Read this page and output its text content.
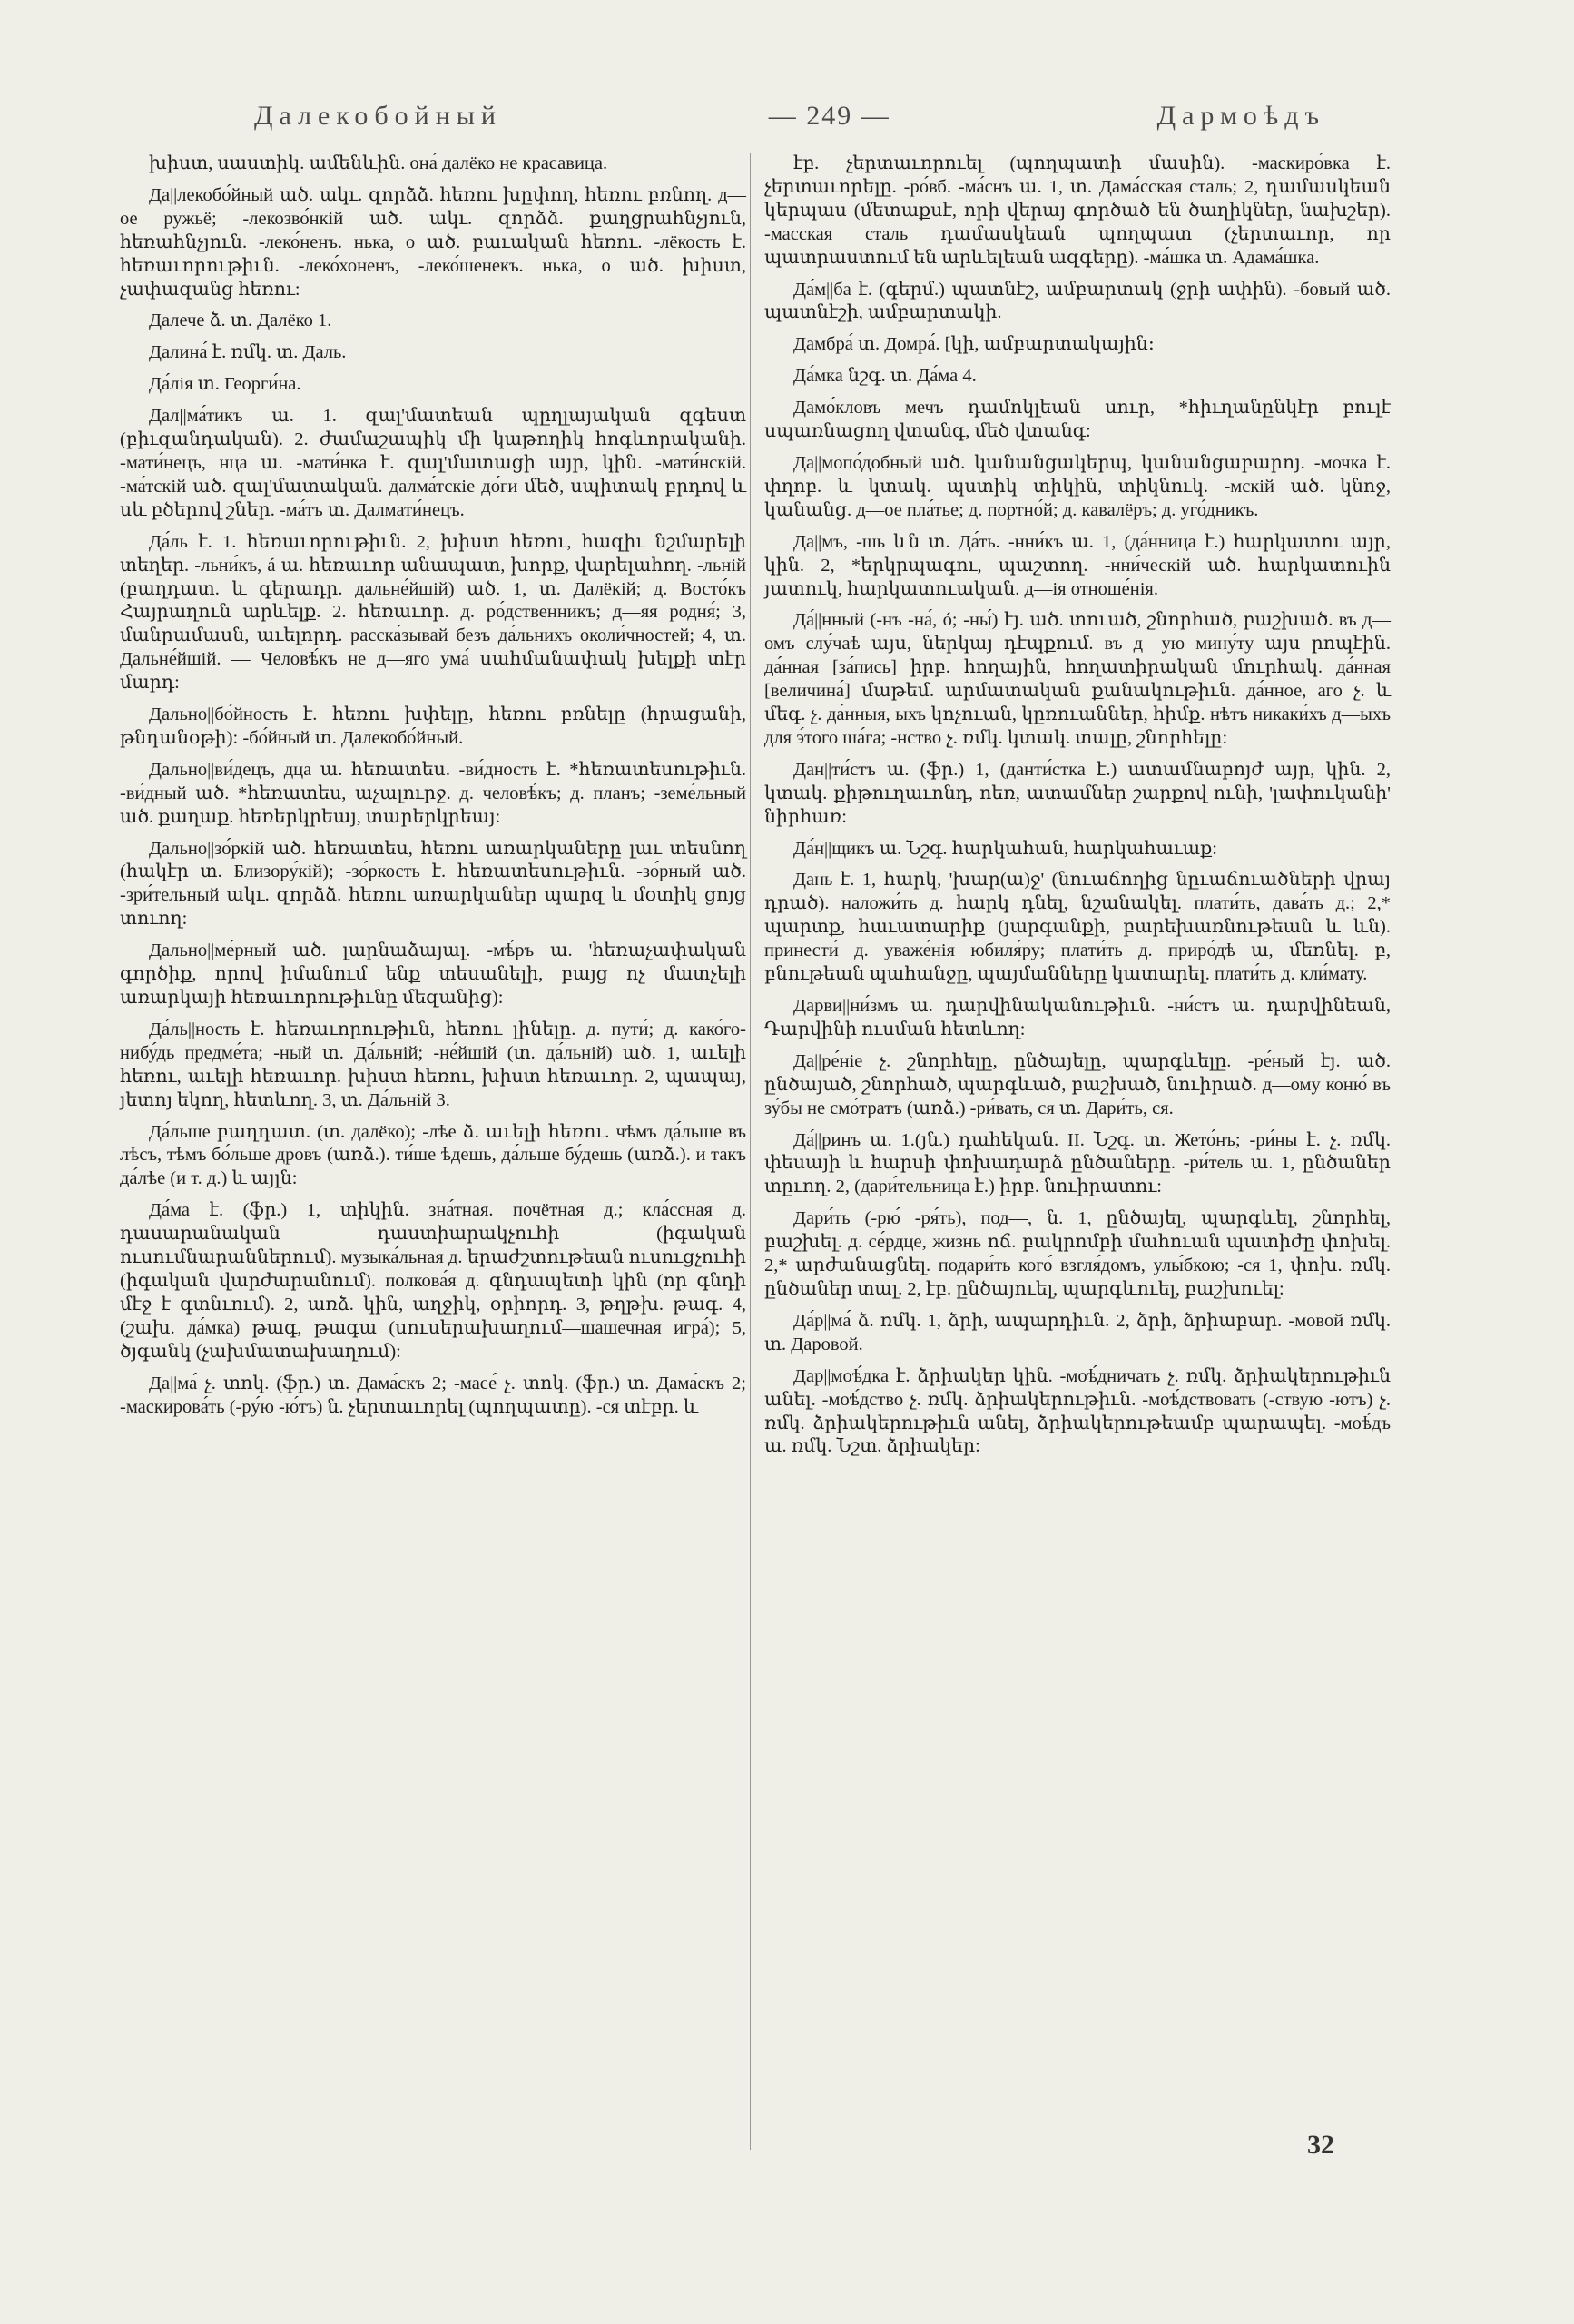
Далекобойный	— 249 —	Дармоѣдъ

խիստ, սաստիկ. ամենևին. она́ далёко не красавица.

Да||лекобо́йный ած. ակւ. զորձձ. հեռու խըփող, հեռու բռնող. д—ое ружьё; -лекозво́нкій ած. ակւ. զորձձ. քաղցրահնչյուն, հեռահնչյուն. -леко́ненъ. нька, о ած. բաւական հեռու. -лёкость է. հեռաւորութիւն. -леко́хоненъ, -леко́шенекъ. нька, о ած. խիստ, չափազանց հեռու:

Далече ձ. տ. Далёко 1.

Далина́ է. ռմկ. տ. Даль.

Да́лія տ. Георги́на.

Дал||ма́тикъ ա. 1. զալ'մատեան պըղլայական զգեստ (բիւզանդական). 2. ժամաշապիկ մի կաթողիկ հոգևորականի. -мати́нецъ, нца ա. -мати́нка է. զալ'մատացի այր, կին. -мати́нскій. -ма́тскій ած. զալ'մատական. далма́тскіе до́ги մեծ, սպիտակ բրդով և սև բծերով շներ. -ма́тъ տ. Далмати́нецъ.

Да́ль է. 1. հեռաւորութիւն. 2, խիստ հեռու, հազիւ նշմարելի տեղեր. -льни́къ, á ա. հեռաւոր անապատ, խորք, վարելահող. -льній (բաղդատ. և գերադր. дальне́йшій) ած. 1, տ. Далёкій; д. Восто́къ Հայրաղուն արևելք. 2. հեռաւոր. д. ро́дственникъ; д—яя родня́; 3, մանրամասն, աւելորդ. расска́зывай безъ да́льнихъ околи́чностей; 4, տ. Дальне́йшій. — Человѣ́къ не д—яго ума́ սահմանափակ խելքի տէր մարդ:

Дально||бо́йность է. հեռու խփելը, հեռու բռնելը (հրացանի, թնդանօթի): -бо́йный տ. Далекобо́йный.

Дально||ви́децъ, дца ա. հեռատես. -ви́дность է. *հեռատեսութիւն. -ви́дный ած. *հեռատես, աչալուրջ. д. человѣ́къ; д. планъ; -земе́льный ած. քաղաք. հեռերկրեայ, տարերկրեայ:

Дально||зо́ркій ած. հեռատես, հեռու առարկաները լաւ տեսնող (հակէր տ. Близору́кій); -зо́ркость է. հեռատեսութիւն. -зо́рный ած. -зри́тельный ակւ. զորձձ. հեռու առարկաներ պարզ և մօտիկ ցոյց տուող:

Дально||ме́рный ած. լարնաձայալ. -мѣ́ръ ա. 'հեռաչափական գործիք, որով իմանում ենք տեսանելի, բայց ոչ մատչելի առարկայի հեռաւորութիւնը մեզանից):

Да́ль||ность է. հեռաւորութիւն, հեռու լինելը. д. пути́; д. како́го-нибу́дь предме́та; -ный տ. Да́льній; -не́йшій (տ. да́льній) ած. 1, աւելի հեռու, աւելի հեռաւոր. խիստ հեռու, խիստ հեռաւոր. 2, պապայ, յետոյ եկող, հետևող. 3, տ. Да́льній 3.

Да́льше բաղդատ. (տ. далёко); -лѣе ձ. աւելի հեռու. чѣмъ да́льше въ лѣсъ, тѣмъ бо́льше дровъ (առձ.). ти́ше ѣдешь, да́льше бу́дешь (առձ.). и такъ да́лѣе (и т. д.) և այլն:

Да́ма է. (ֆր.) 1, տիկին. зна́тная. почётная д.; кла́ссная д. դասարանական դաստիարակչուհի (իգական ուսումնարաններում). музыка́льная д. երաժշտութեան ուսուցչուհի (իգական վարժարանում). полкова́я д. գնդապետի կին (որ գնդի մէջ է գտնւում). 2, առձ. կին, աղջիկ, օրիորդ. 3, թղթխ. թագ. 4, (շախ. да́мка) թագ, թագա (սուսերախաղում—шашечная игра́); 5, ծյգանկ (չախմատախաղում):

Да||ма́ չ. տոկ. (ֆր.) տ. Дама́скъ 2; -масе́ չ. տոկ. (ֆր.) տ. Дама́скъ 2; -маскирова́ть (-ру́ю -ю́тъ) ն. չերտաւորել (պողպատը). -ся տէբր. և

էբ. չերտաւորուել (պողպատի մասին). -маскиро́вка է. չերտաւորելը. -ро́вб. -ма́снъ ա. 1, տ. Дама́сская сталь; 2, դամասկեան կերպաս (մետաքսէ, որի վերայ գործած են ծաղիկներ, նախշեր). -масская сталь դամասկեան պողպատ (չերտաւոր, որ պատրաստում են արևելեան ազգերը). -ма́шка տ. Адама́шка.

Да́м||ба է. (գերմ.) պատնէշ, ամբարտակ (ջրի ափին). -бовый ած. պատնէշի, ամբարտակի.

Дамбра́ տ. Домра́. [կի, ամբարտակային։

Да́мка նշգ. տ. Да́ма 4.

Дамо́кловъ мечъ դամոկլեան սուր, *հիւղանընկէր բուլէ սպառնացող վտանգ, մեծ վտանգ:

Да||мопо́добный ած. կանանցակերպ, կանանցաբարոյ. -мочка է. փղոբ. և կտակ. պստիկ տիկին, տիկնուկ. -мскій ած. կնոջ, կանանց. д—ое пла́тье; д. портно́й; д. кавалёръ; д. уго́дникъ.

Да||мъ, -шь ևն տ. Да́ть. -нни́къ ա. 1, (да́нница է.) հարկատու այր, կին. 2, *երկրպագու, պաշտող. -нни́ческій ած. հարկատուին յատուկ, հարկատուական. д—ія отноше́нія.

Да́||нный (-нъ -на́, ó; -ны́) էյ. ած. տուած, շնորհած, բաշխած. въ д—омъ слу́чаѣ այս, ներկայ դէպքում. въ д—ую мину́ту այս րոպէին. да́нная [за́пись] իրբ. հողային, հողատիրական մուրհակ. да́нная [величина́] մաթեմ. արմատական քանակութիւն. да́нное, аго չ. և մեգ. չ. да́нныя, ыхъ կոչուան, կըռուաններ, հիմք. нѣтъ никаки́хъ д—ыхъ для э́того ша́га; -нство չ. ռմկ. կտակ. տալը, շնորհելը:

Дан||ти́стъ ա. (ֆր.) 1, (данти́стка է.) ատամնաբոյժ այր, կին. 2, կտակ. քիթուղաւոնդ, ոեռ, ատամներ շարքով ունի, 'լափուկանի' նիրհառ:

Да́н||щикъ ա. Նշգ. հարկահան, հարկահաւաք:

Дань է. 1, հարկ, 'խար(ա)ջ' (նուաճողից նըւաճուածների վրայ դրած). наложи́ть д. հարկ դնել, նշանակել. плати́ть, дава́ть д.; 2,* պարտք, հաւատարիք (յարգանքի, բարեխառնութեան և ևն). принести́ д. уваже́нія юбиля́ру; плати́ть д. приро́дѣ ա, մեռնել. բ, բնութեան պահանջը, պայմանները կատարել. плати́ть д. кли́мату.

Дарви||ни́змъ ա. դարվինականութիւն. -ни́стъ ա. դարվինեան, Դարվինի ուսման հետևող:

Да||ре́ніе չ. շնորհելը, ընծայելը, պարգևելը. -ре́ный էյ. ած. ընծայած, շնորհած, պարգևած, բաշխած, նուիրած. д—ому коню́ въ зу́бы не смо́тратъ (առձ.) -ри́вать, ся տ. Дари́ть, ся.

Да́||ринъ ա. 1.(յն.) դահեկան. II. Նշգ. տ. Жето́нъ; -ри́ны է. չ. ռմկ. փեսայի և հարսի փոխադարձ ընծաները. -ри́тель ա. 1, ընծաներ տըւող. 2, (дари́тельница է.) իրբ. նուիրատու:

Дари́ть (-рю́ -ря́ть), под—, ն. 1, ընծայել, պարգևել, շնորհել, բաշխել. д. се́рдце, жизнь ոճ. բակրոմբի մահուան պատիժը փոխել. 2,* արժանացնել. подари́ть кого́ взгля́домъ, улы́бкою; -ся 1, փոխ. ռմկ. ընծաներ տալ. 2, էբ. ընծայուել, պարգևուել, բաշխուել:

Да́р||ма́ ձ. ռմկ. 1, ձրի, ապարդիւն. 2, ձրի, ձրիաբար. -мовой ռմկ. տ. Даровой.

Дар||моѣ́дка է. ձրիակեր կին. -моѣ́дничать չ. ռմկ. ձրիակերութիւն անել. -моѣ́дство չ. ռմկ. ձրիակերութիւն. -моѣ́дствовать (-ствую -ютъ) չ. ռմկ. ձրիակերութիւն անել, ձրիակերութեամբ պարապել. -моѣ́дъ ա. ռմկ. Նշտ. ձրիակեր:

32
